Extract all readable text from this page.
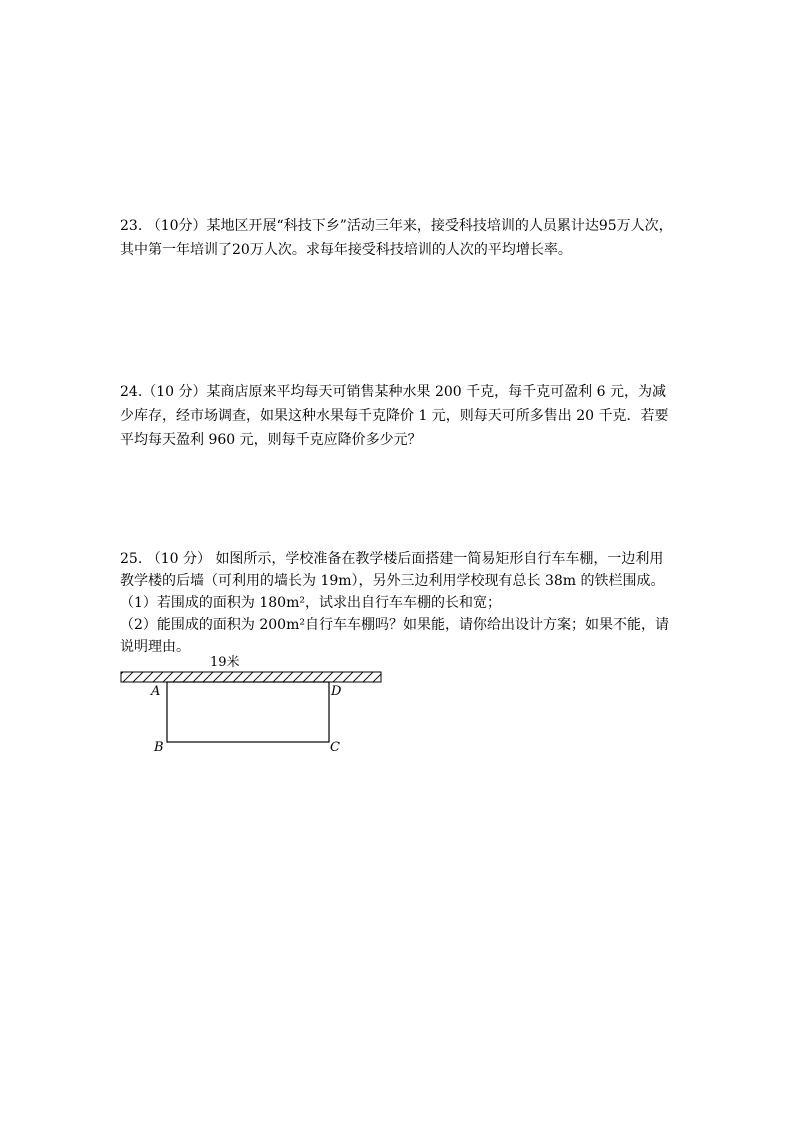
23. （10分）某地区开展“科技下乡”活动三年来，接受科技培训的人员累计达95万人次，其中第一年培训了20万人次。求每年接受科技培训的人次的平均增长率。

24.（10 分）某商店原来平均每天可销售某种水果 200 千克，每千克可盈利 6 元，为减少库存，经市场调查，如果这种水果每千克降价 1 元，则每天可所多售出 20 千克．若要平均每天盈利 960 元，则每千克应降价多少元？

25. （10 分） 如图所示，学校准备在教学楼后面搭建一简易矩形自行车车棚，一边利用教学楼的后墙（可利用的墙长为 19m），另外三边利用学校现有总长 38m 的铁栏围成。

（1）若围成的面积为 180m²，试求出自行车车棚的长和宽；
（2）能围成的面积为 200m²自行车车棚吗？如果能，请你给出设计方案；如果不能，请说明理由。
19米
A	D
B	C
